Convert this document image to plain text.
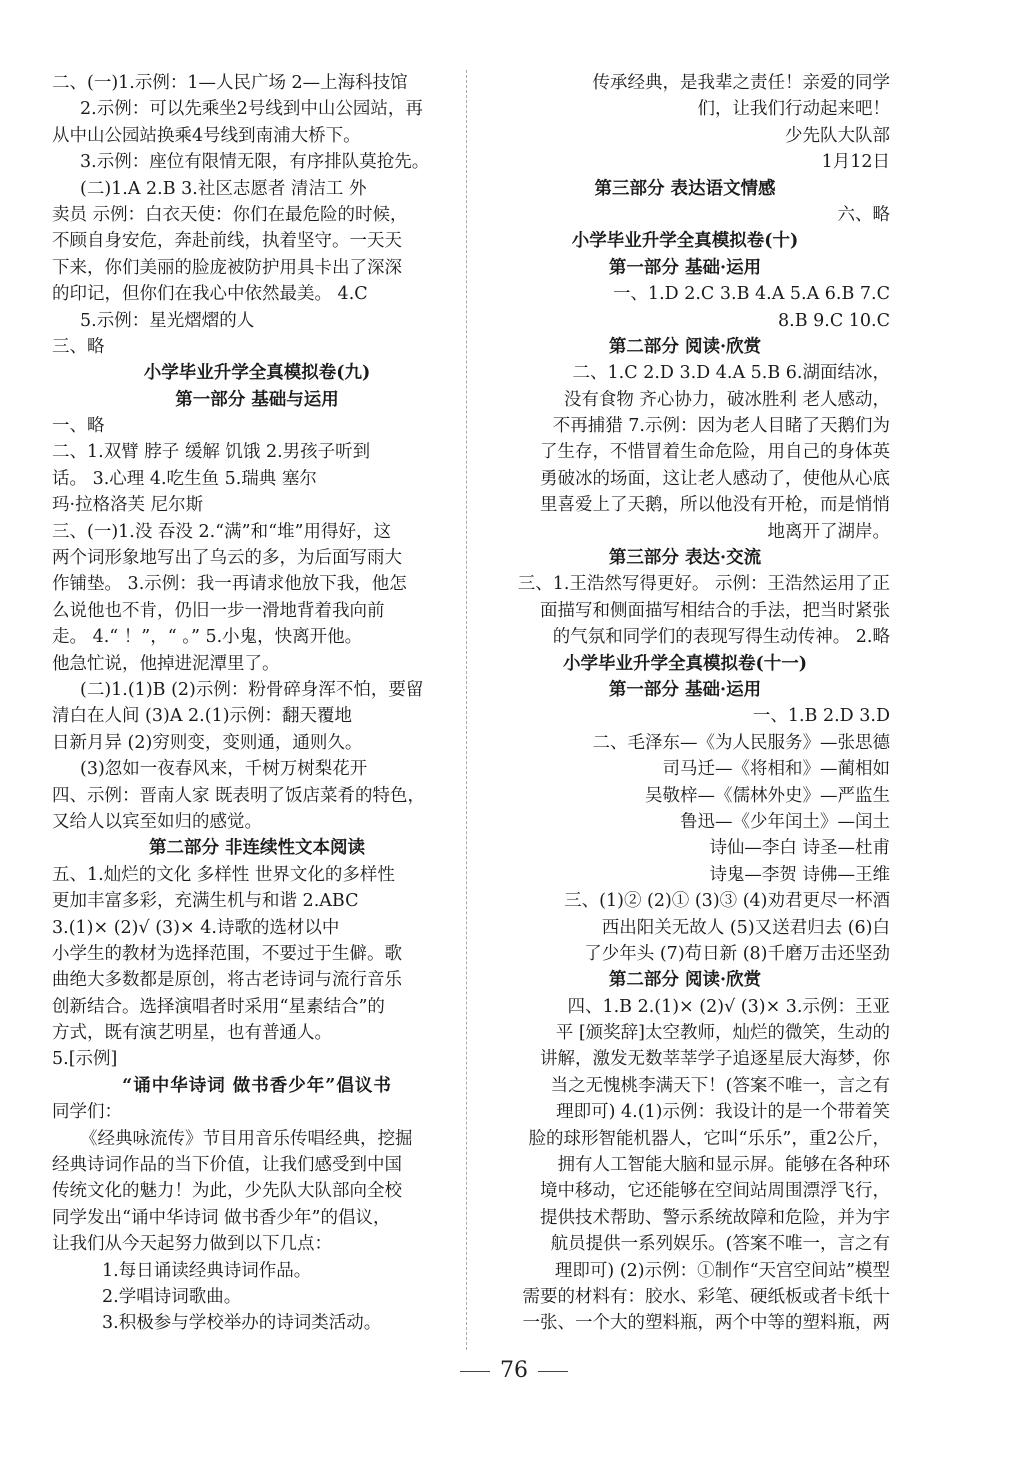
二、(一)1.示例：1—人民广场 2—上海科技馆
2.示例：可以先乘坐2号线到中山公园站，再
从中山公园站换乘4号线到南浦大桥下。
3.示例：座位有限情无限，有序排队莫抢先。
(二)1.A 2.B 3.社区志愿者 清洁工 外
卖员 示例：白衣天使：你们在最危险的时候，
不顾自身安危，奔赴前线，执着坚守。一天天
下来，你们美丽的脸庞被防护用具卡出了深深
的印记，但你们在我心中依然最美。 4.C
5.示例：星光熠熠的人
三、略
小学毕业升学全真模拟卷(九)
第一部分 基础与运用
一、略
二、1.双臂 脖子 缓解 饥饿 2.男孩子听到
话。 3.心理 4.吃生鱼 5.瑞典 塞尔
玛·拉格洛芙 尼尔斯
三、(一)1.没 吞没 2.“满”和“堆”用得好，这
两个词形象地写出了乌云的多，为后面写雨大
作铺垫。 3.示例：我一再请求他放下我，他怎
么说他也不肯，仍旧一步一滑地背着我向前
走。 4.“ ！”，“ 。” 5.小鬼，快离开他。
他急忙说，他掉进泥潭里了。
(二)1.(1)B (2)示例：粉骨碎身浑不怕，要留
清白在人间 (3)A 2.(1)示例：翻天覆地
日新月异 (2)穷则变，变则通，通则久。
(3)忽如一夜春风来，千树万树梨花开
四、示例：晋南人家 既表明了饭店菜肴的特色，
又给人以宾至如归的感觉。
第二部分 非连续性文本阅读
五、1.灿烂的文化 多样性 世界文化的多样性
更加丰富多彩，充满生机与和谐 2.ABC
3.(1)× (2)√ (3)× 4.诗歌的选材以中
小学生的教材为选择范围，不要过于生僻。歌
曲绝大多数都是原创，将古老诗词与流行音乐
创新结合。选择演唱者时采用“星素结合”的
方式，既有演艺明星，也有普通人。
5.[示例]
“诵中华诗词 做书香少年”倡议书
同学们：
《经典咏流传》节目用音乐传唱经典，挖掘
经典诗词作品的当下价值，让我们感受到中国
传统文化的魅力！为此，少先队大队部向全校
同学发出“诵中华诗词 做书香少年”的倡议，
让我们从今天起努力做到以下几点：
1.每日诵读经典诗词作品。
2.学唱诗词歌曲。
3.积极参与学校举办的诗词类活动。
传承经典，是我辈之责任！亲爱的同学
们，让我们行动起来吧！
少先队大队部
1月12日
第三部分 表达语文情感
六、略
小学毕业升学全真模拟卷(十)
第一部分 基础·运用
一、1.D 2.C 3.B 4.A 5.A 6.B 7.C
8.B 9.C 10.C
第二部分 阅读·欣赏
二、1.C 2.D 3.D 4.A 5.B 6.湖面结冰，
没有食物 齐心协力，破冰胜利 老人感动，
不再捕猎 7.示例：因为老人目睹了天鹅们为
了生存，不惜冒着生命危险，用自己的身体英
勇破冰的场面，这让老人感动了，使他从心底
里喜爱上了天鹅，所以他没有开枪，而是悄悄
地离开了湖岸。
第三部分 表达·交流
三、1.王浩然写得更好。 示例：王浩然运用了正
面描写和侧面描写相结合的手法，把当时紧张
的气氛和同学们的表现写得生动传神。 2.略
小学毕业升学全真模拟卷(十一)
第一部分 基础·运用
一、1.B 2.D 3.D
二、毛泽东—《为人民服务》—张思德
司马迁—《将相和》—蔺相如
吴敬梓—《儒林外史》—严监生
鲁迅—《少年闰土》—闰土
诗仙—李白 诗圣—杜甫
诗鬼—李贺 诗佛—王维
三、(1)② (2)① (3)③ (4)劝君更尽一杯酒
西出阳关无故人 (5)又送君归去 (6)白
了少年头 (7)苟日新 (8)千磨万击还坚劲
第二部分 阅读·欣赏
四、1.B 2.(1)× (2)√ (3)× 3.示例：王亚
平 [颁奖辞]太空教师，灿烂的微笑，生动的
讲解，激发无数莘莘学子追逐星辰大海梦，你
当之无愧桃李满天下！(答案不唯一，言之有
理即可) 4.(1)示例：我设计的是一个带着笑
脸的球形智能机器人，它叫“乐乐”，重2公斤，
拥有人工智能大脑和显示屏。能够在各种环
境中移动，它还能够在空间站周围漂浮飞行，
提供技术帮助、警示系统故障和危险，并为宇
航员提供一系列娱乐。(答案不唯一，言之有
理即可) (2)示例：①制作“天宫空间站”模型
需要的材料有：胶水、彩笔、硬纸板或者卡纸十
一张、一个大的塑料瓶，两个中等的塑料瓶，两
76
